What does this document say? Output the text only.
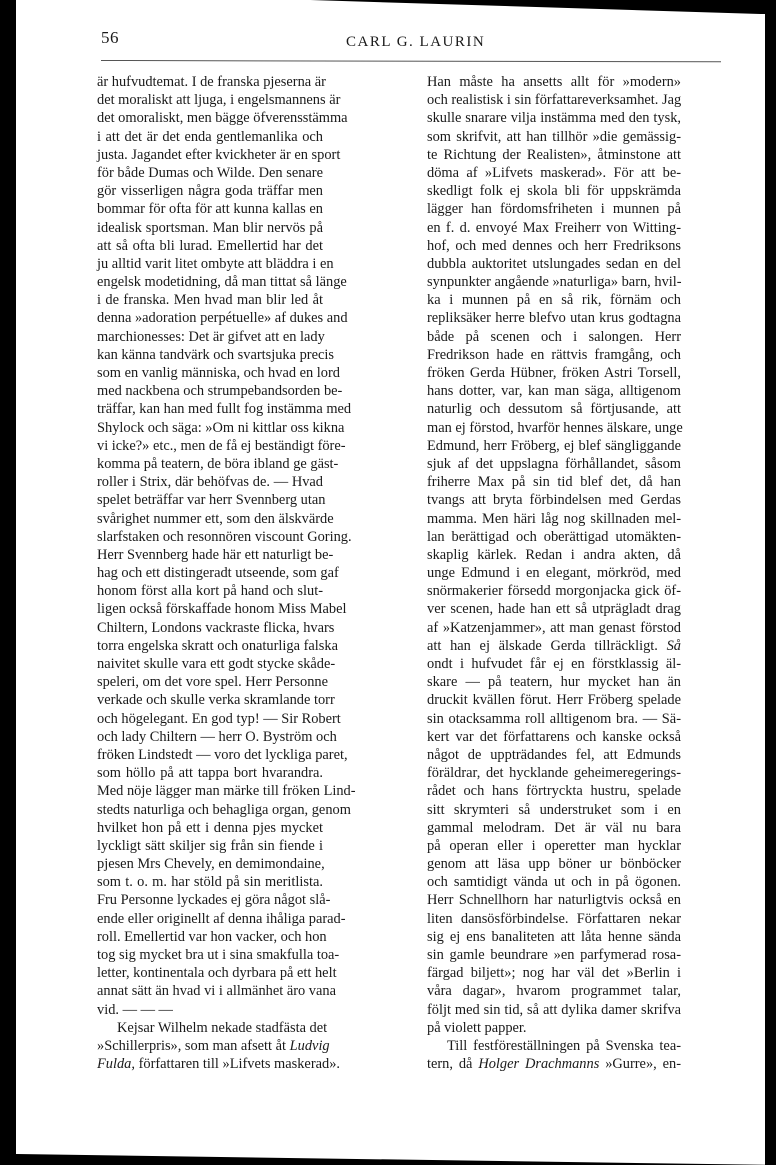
56	CARL G. LAURIN
är hufvudtemat. I de franska pjeserna är
det moraliskt att ljuga, i engelsmannens är
det omoraliskt, men bägge öfverensstämma
i att det är det enda gentlemanlika och
justa. Jagandet efter kvickheter är en sport
för både Dumas och Wilde. Den senare
gör visserligen några goda träffar men
bommar för ofta för att kunna kallas en
idealisk sportsman. Man blir nervös på
att så ofta bli lurad. Emellertid har det
ju alltid varit litet ombyte att bläddra i en
engelsk modetidning, då man tittat så länge
i de franska. Men hvad man blir led åt
denna »adoration perpétuelle» af dukes and
marchionesses: Det är gifvet att en lady
kan känna tandvärk och svartsjuka precis
som en vanlig människa, och hvad en lord
med nackbena och strumpebandsorden be-
träffar, kan han med fullt fog instämma med
Shylock och säga: »Om ni kittlar oss kikna
vi icke?» etc., men de få ej beständigt före-
komma på teatern, de böra ibland ge gäst-
roller i Strix, där behöfvas de. — Hvad
spelet beträffar var herr Svennberg utan
svårighet nummer ett, som den älskvärde
slarfstaken och resonnören viscount Goring.
Herr Svennberg hade här ett naturligt be-
hag och ett distingeradt utseende, som gaf
honom först alla kort på hand och slut-
ligen också förskaffade honom Miss Mabel
Chiltern, Londons vackraste flicka, hvars
torra engelska skratt och onaturliga falska
naivitet skulle vara ett godt stycke skåde-
speleri, om det vore spel. Herr Personne
verkade och skulle verka skramlande torr
och högelegant. En god typ! — Sir Robert
och lady Chiltern — herr O. Byström och
fröken Lindstedt — voro det lyckliga paret,
som höllo på att tappa bort hvarandra.
Med nöje lägger man märke till fröken Lind-
stedts naturliga och behagliga organ, genom
hvilket hon på ett i denna pjes mycket
lyckligt sätt skiljer sig från sin fiende i
pjesen Mrs Chevely, en demimondaine,
som t. o. m. har stöld på sin meritlista.
Fru Personne lyckades ej göra något slå-
ende eller originellt af denna ihåliga parad-
roll. Emellertid var hon vacker, och hon
tog sig mycket bra ut i sina smakfulla toa-
letter, kontinentala och dyrbara på ett helt
annat sätt än hvad vi i allmänhet äro vana
vid. — — —
Kejsar Wilhelm nekade stadfästa det
»Schillerpris», som man afsett åt Ludvig
Fulda, författaren till »Lifvets maskerad».
Han måste ha ansetts allt för »modern»
och realistisk i sin författareverksamhet. Jag
skulle snarare vilja instämma med den tysk,
som skrifvit, att han tillhör »die gemässig-
te Richtung der Realisten», åtminstone att
döma af »Lifvets maskerad». För att be-
skedligt folk ej skola bli för uppskrämda
lägger han fördomsfriheten i munnen på
en f. d. envoyé Max Freiherr von Witting-
hof, och med dennes och herr Fredriksons
dubbla auktoritet utslungades sedan en del
synpunkter angående »naturliga» barn, hvil-
ka i munnen på en så rik, förnäm och
repliksäker herre blefvo utan krus godtagna
både på scenen och i salongen. Herr
Fredrikson hade en rättvis framgång, och
fröken Gerda Hübner, fröken Astri Torsell,
hans dotter, var, kan man säga, alltigenom
naturlig och dessutom så förtjusande, att
man ej förstod, hvarför hennes älskare, unge
Edmund, herr Fröberg, ej blef sängliggande
sjuk af det uppslagna förhållandet, såsom
friherre Max på sin tid blef det, då han
tvangs att bryta förbindelsen med Gerdas
mamma. Men häri låg nog skillnaden mel-
lan berättigad och oberättigad utomäkten-
skaplig kärlek. Redan i andra akten, då
unge Edmund i en elegant, mörkröd, med
snörmakerier försedd morgonjacka gick öf-
ver scenen, hade han ett så utprägladt drag
af »Katzenjammer», att man genast förstod
att han ej älskade Gerda tillräckligt. Så
ondt i hufvudet får ej en förstklassig äl-
skare — på teatern, hur mycket han än
druckit kvällen förut. Herr Fröberg spelade
sin otacksamma roll alltigenom bra. — Sä-
kert var det författarens och kanske också
något de uppträdandes fel, att Edmunds
föräldrar, det hycklande geheimeregerings-
rådet och hans förtryckta hustru, spelade
sitt skrymteri så understruket som i en
gammal melodram. Det är väl nu bara
på operan eller i operetter man hycklar
genom att läsa upp böner ur bönböcker
och samtidigt vända ut och in på ögonen.
Herr Schnellhorn har naturligtvis också en
liten dansösförbindelse. Författaren nekar
sig ej ens banaliteten att låta henne sända
sin gamle beundrare »en parfymerad rosa-
färgad biljett»; nog har väl det »Berlin i
våra dagar», hvarom programmet talar,
följt med sin tid, så att dylika damer skrifva
på violett papper.
Till festföreställningen på Svenska tea-
tern, då Holger Drachmanns »Gurre», en-
